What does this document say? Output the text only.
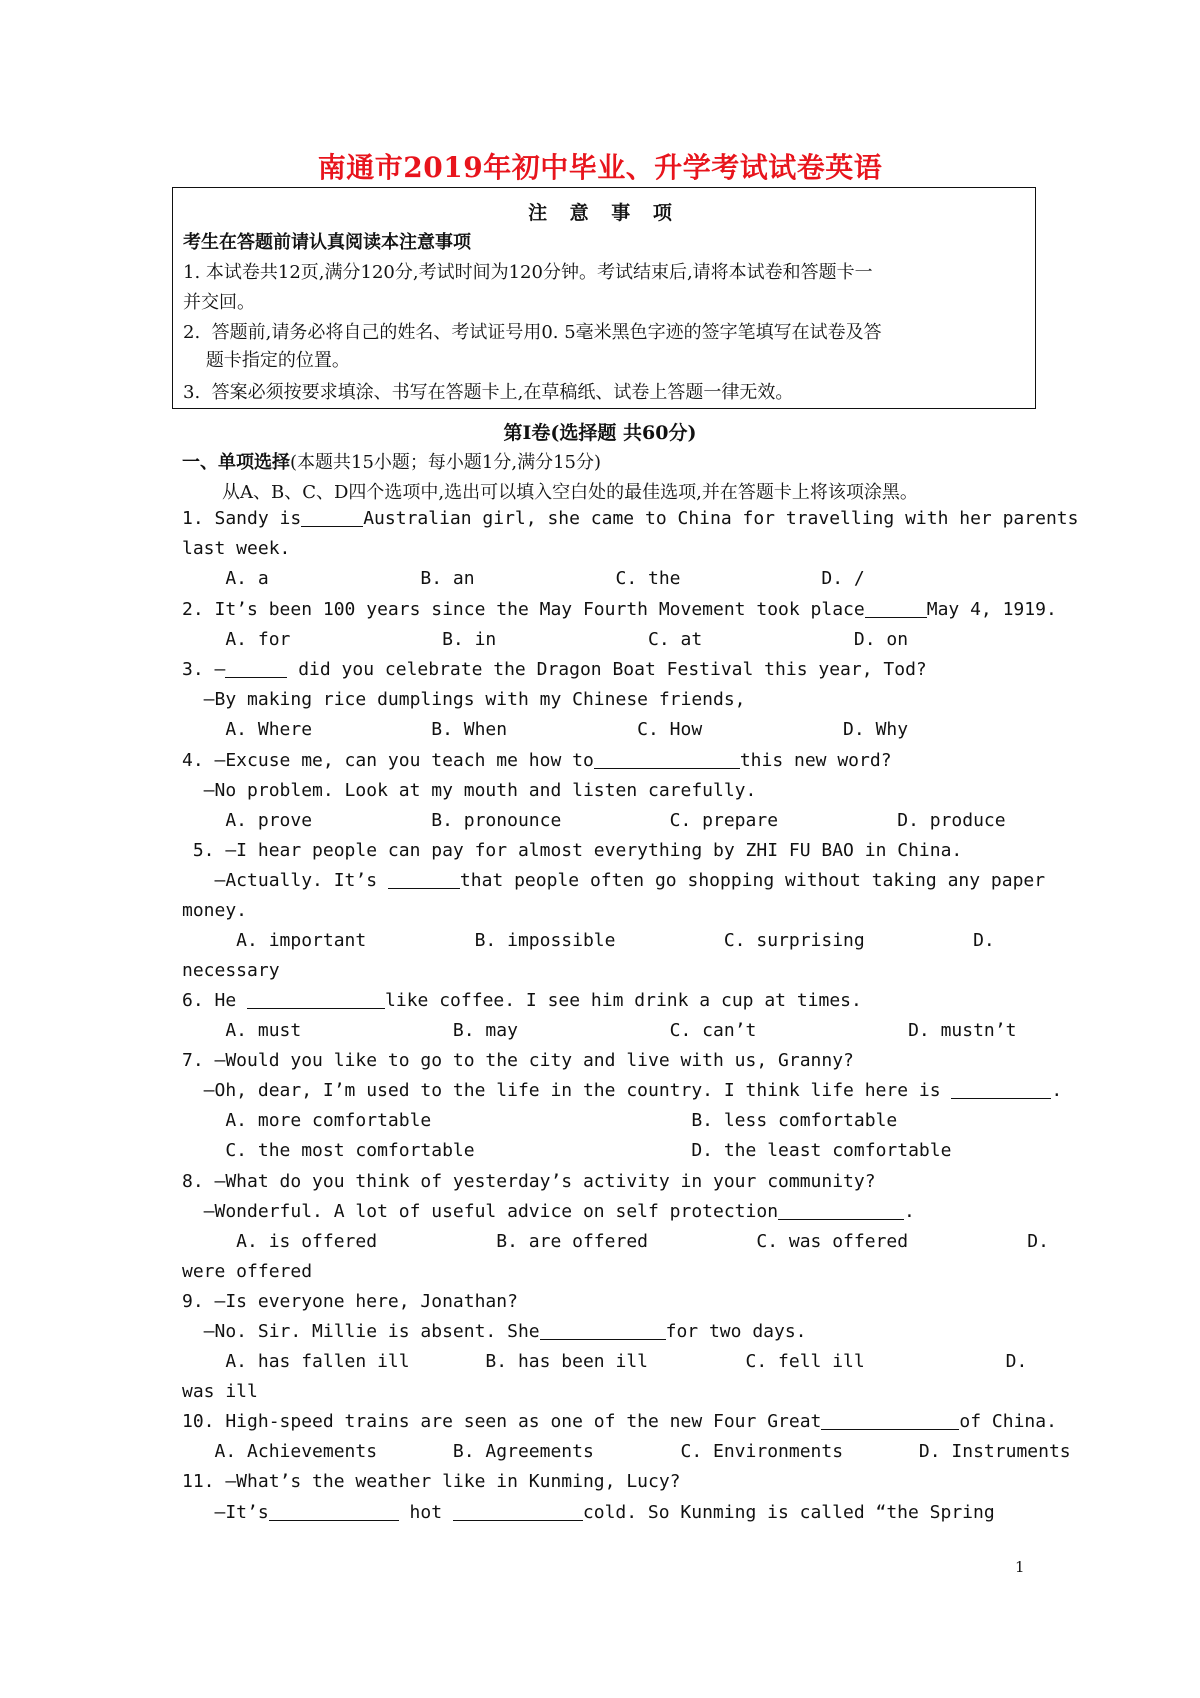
南通市2019年初中毕业、升学考试试卷英语
注 意 事 项
考生在答题前请认真阅读本注意事项
1. 本试卷共12页,满分120分,考试时间为120分钟。考试结束后,请将本试卷和答题卡一
并交回。
2.  答题前,请务必将自己的姓名、考试证号用0. 5毫米黑色字迹的签字笔填写在试卷及答
题卡指定的位置。
3.  答案必须按要求填涂、书写在答题卡上,在草稿纸、试卷上答题一律无效。
第Ⅰ卷(选择题 共60分)
一、单项选择(本题共15小题；每小题1分,满分15分)
从A、B、C、D四个选项中,选出可以填入空白处的最佳选项,并在答题卡上将该项涂黑。
1. Sandy is	Australian girl, she came to China for travelling with her parents
last week.
A. a              B. an             C. the             D. /
2. It’s been 100 years since the May Fourth Movement took place	May 4, 1919.
A. for              B. in              C. at              D. on
3. —	did you celebrate the Dragon Boat Festival this year, Tod?
—By making rice dumplings with my Chinese friends,
A. Where           B. When            C. How             D. Why
4. —Excuse me, can you teach me how to	this new word?
—No problem. Look at my mouth and listen carefully.
A. prove           B. pronounce          C. prepare           D. produce
5. —I hear people can pay for almost everything by ZHI FU BAO in China.
—Actually. It’s	that people often go shopping without taking any paper
money.
A. important          B. impossible          C. surprising          D.
necessary
6. He	like coffee. I see him drink a cup at times.
A. must              B. may              C. can’t              D. mustn’t
7. —Would you like to go to the city and live with us, Granny?
—Oh, dear, I’m used to the life in the country. I think life here is	.
A. more comfortable                        B. less comfortable
C. the most comfortable                    D. the least comfortable
8. —What do you think of yesterday’s activity in your community?
—Wonderful. A lot of useful advice on self protection	.
A. is offered           B. are offered          C. was offered           D.
were offered
9. —Is everyone here, Jonathan?
—No. Sir. Millie is absent. She	for two days.
A. has fallen ill       B. has been ill         C. fell ill             D.
was ill
10. High-speed trains are seen as one of the new Four Great	of China.
A. Achievements       B. Agreements        C. Environments       D. Instruments
11. —What’s the weather like in Kunming, Lucy?
—It’s	hot	cold. So Kunming is called “the Spring
1
